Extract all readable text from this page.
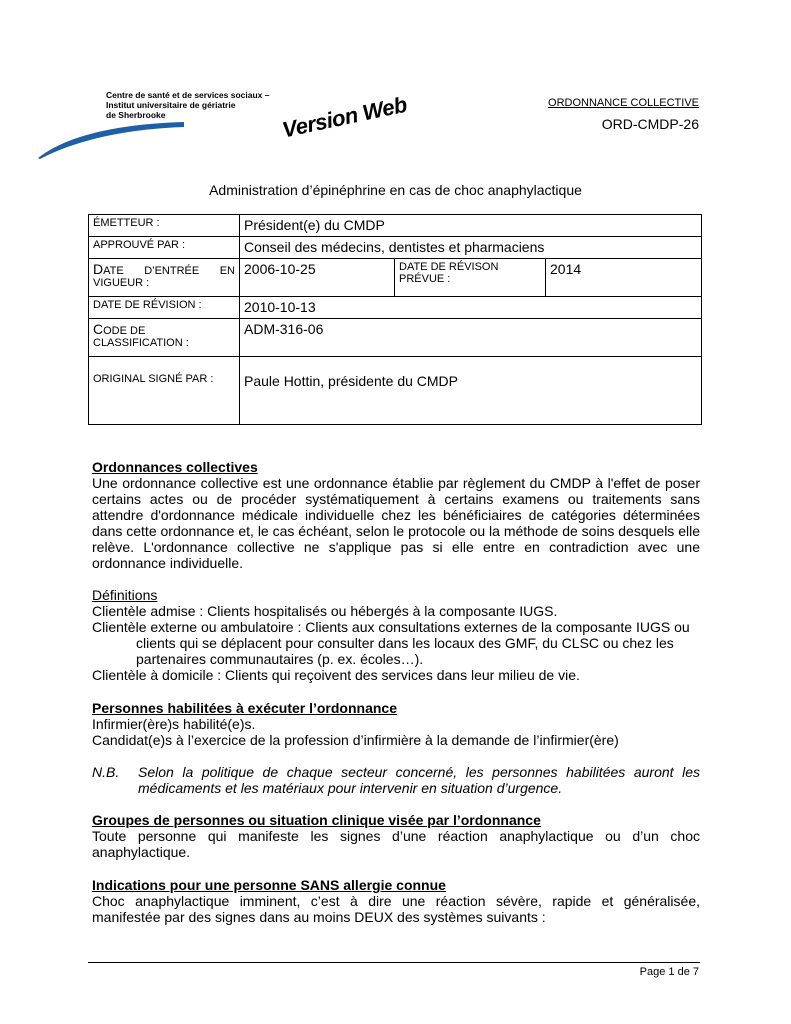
Centre de santé et de services sociaux –
Institut universitaire de gériatrie
de Sherbrooke	Version Web	ORDONNANCE COLLECTIVE
ORD-CMDP-26
Administration d’épinéphrine en cas de choc anaphylactique
ÉMETTEUR :	Président(e) du CMDP		
APPROUVÉ PAR :	Conseil des médecins, dentistes et pharmaciens		

DATE D’ENTRÉE EN VIGUEUR :	2006-10-25	DATE DE RÉVISON PRÉVUE :	2014
DATE DE RÉVISION :	2010-10-13		

CODE DE CLASSIFICATION :	ADM-316-06		
ORIGINAL SIGNÉ PAR :	Paule Hottin, présidente du CMDP		

Ordonnances collectives

Une ordonnance collective est une ordonnance établie par règlement du CMDP à l'effet de poser certains actes ou de procéder systématiquement à certains examens ou traitements sans attendre d'ordonnance médicale individuelle chez les bénéficiaires de catégories déterminées dans cette ordonnance et, le cas échéant, selon le protocole ou la méthode de soins desquels elle relève. L'ordonnance collective ne s'applique pas si elle entre en contradiction avec une ordonnance individuelle.

Définitions

Clientèle admise : Clients hospitalisés ou hébergés à la composante IUGS.

Clientèle externe ou ambulatoire : Clients aux consultations externes de la composante IUGS ou

clients qui se déplacent pour consulter dans les locaux des GMF, du CLSC ou chez les partenaires communautaires (p. ex. écoles…).

Clientèle à domicile : Clients qui reçoivent des services dans leur milieu de vie.

Personnes habilitées à exécuter l’ordonnance

Infirmier(ère)s habilité(e)s.

Candidat(e)s à l’exercice de la profession d’infirmière à la demande de l’infirmier(ère)

N.B.	Selon la politique de chaque secteur concerné, les personnes habilitées auront les médicaments et les matériaux pour intervenir en situation d’urgence.

Groupes de personnes ou situation clinique visée par l’ordonnance

Toute personne qui manifeste les signes d’une réaction anaphylactique ou d’un choc anaphylactique.

Indications pour une personne SANS allergie connue

Choc anaphylactique imminent, c’est à dire une réaction sévère, rapide et généralisée, manifestée par des signes dans au moins DEUX des systèmes suivants :

Page 1 de 7
